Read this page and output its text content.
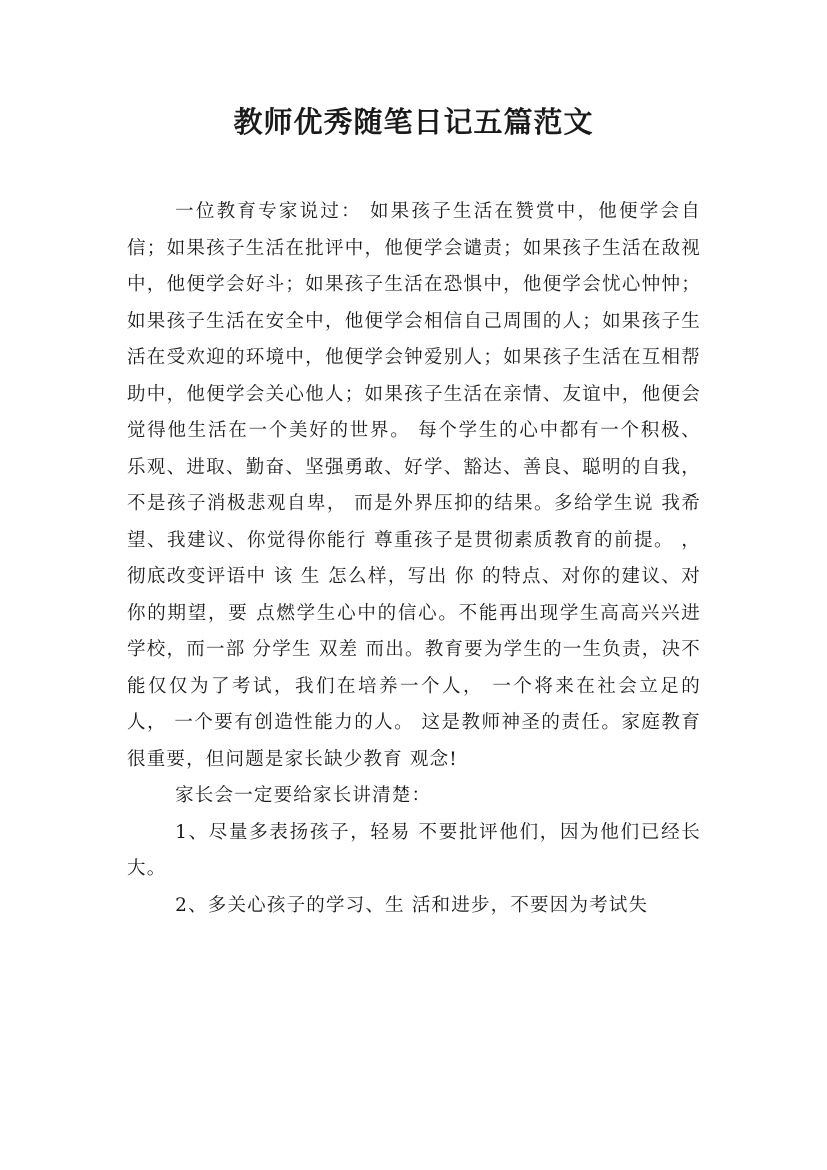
教师优秀随笔日记五篇范文

一位教育专家说过： 如果孩子生活在赞赏中，他便学会自信；如果孩子生活在批评中，他便学会谴责；如果孩子生活在敌视中，他便学会好斗；如果孩子生活在恐惧中，他便学会忧心忡忡；如果孩子生活在安全中，他便学会相信自己周围的人；如果孩子生活在受欢迎的环境中，他便学会钟爱别人；如果孩子生活在互相帮助中，他便学会关心他人；如果孩子生活在亲情、友谊中，他便会觉得他生活在一个美好的世界。 每个学生的心中都有一个积极、乐观、进取、勤奋、坚强勇敢、好学、豁达、善良、聪明的自我，不是孩子消极悲观自卑， 而是外界压抑的结果。多给学生说 我希望、我建议、你觉得你能行 尊重孩子是贯彻素质教育的前提。 ， 彻底改变评语中 该 生 怎么样，写出 你 的特点、对你的建议、对你的期望，要 点燃学生心中的信心。不能再出现学生高高兴兴进学校，而一部 分学生 双差 而出。教育要为学生的一生负责，决不能仅仅为了考试，我们在培养一个人， 一个将来在社会立足的人， 一个要有创造性能力的人。 这是教师神圣的责任。家庭教育很重要，但问题是家长缺少教育 观念!

家长会一定要给家长讲清楚：

1、尽量多表扬孩子，轻易 不要批评他们，因为他们已经长大。

2、多关心孩子的学习、生 活和进步，不要因为考试失
